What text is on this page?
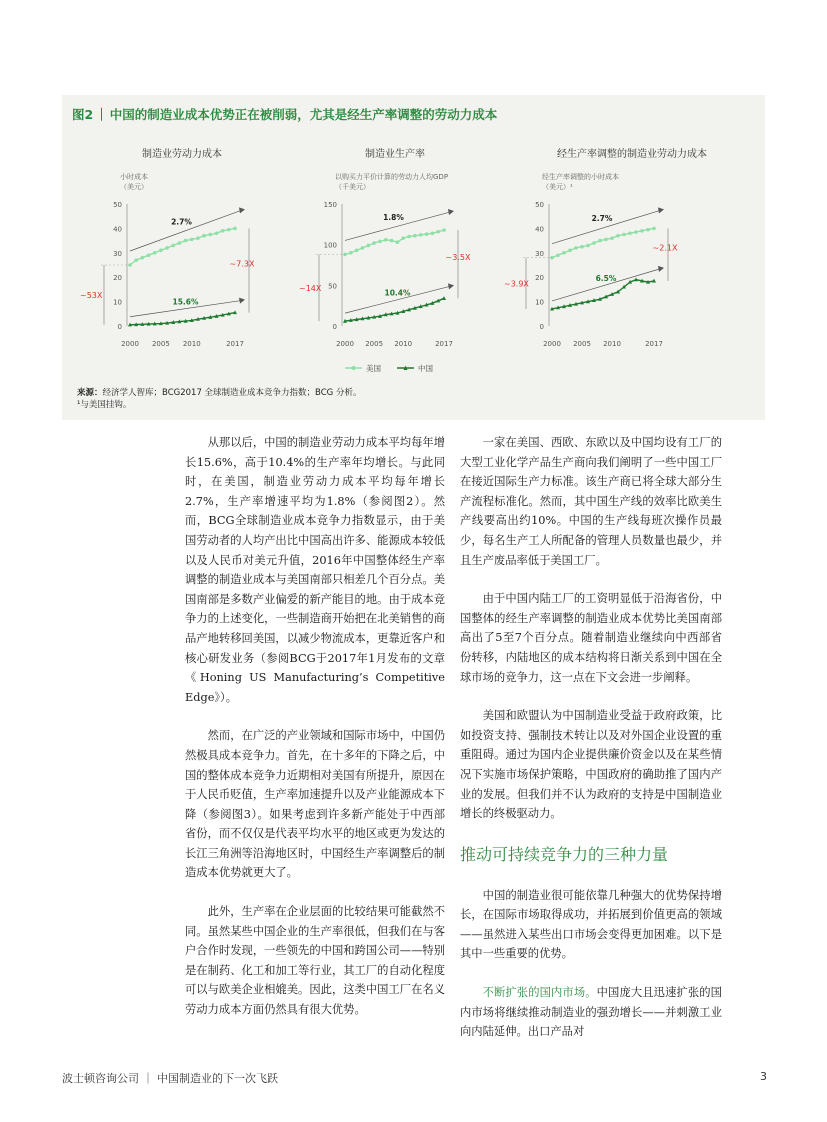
图2 ｜ 中国的制造业成本优势正在被削弱，尤其是经生产率调整的劳动力成本
制造业劳动力成本
小时成本
（美元）
0
10
20
30
40
50
2000 2005 2010	2017
2.7%
15.6%
~53X
~7.3X
制造业生产率
以购买力平价计算的劳动力人均GDP
（千美元）
0
50
100
150
2000 2005 2010	2017
1.8%
10.4%
~14X
~3.5X
经生产率调整的制造业劳动力成本
经生产率调整的小时成本
（美元）¹
0
10
20
30
40
50
2000 2005 2010	2017
2.7%
6.5%
~3.9X
~2.1X
美国	中国
来源：经济学人智库；BCG2017 全球制造业成本竞争力指数；BCG 分析。
¹与美国挂钩。

从那以后，中国的制造业劳动力成本平均每年增长15.6%，高于10.4%的生产率年均增长。与此同时，在美国，制造业劳动力成本平均每年增长2.7%，生产率增速平均为1.8%（参阅图2）。然而，BCG全球制造业成本竞争力指数显示，由于美国劳动者的人均产出比中国高出许多、能源成本较低以及人民币对美元升值，2016年中国整体经生产率调整的制造业成本与美国南部只相差几个百分点。美国南部是多数产业偏爱的新产能目的地。由于成本竞争力的上述变化，一些制造商开始把在北美销售的商品产地转移回美国，以减少物流成本，更靠近客户和核心研发业务（参阅BCG于2017年1月发布的文章《Honing US Manufacturing’s Competitive Edge》）。

然而，在广泛的产业领域和国际市场中，中国仍然极具成本竞争力。首先，在十多年的下降之后，中国的整体成本竞争力近期相对美国有所提升，原因在于人民币贬值，生产率加速提升以及产业能源成本下降（参阅图3）。如果考虑到许多新产能处于中西部省份，而不仅仅是代表平均水平的地区或更为发达的长江三角洲等沿海地区时，中国经生产率调整后的制造成本优势就更大了。

此外，生产率在企业层面的比较结果可能截然不同。虽然某些中国企业的生产率很低，但我们在与客户合作时发现，一些领先的中国和跨国公司——特别是在制药、化工和加工等行业，其工厂的自动化程度可以与欧美企业相媲美。因此，这类中国工厂在名义劳动力成本方面仍然具有很大优势。

一家在美国、西欧、东欧以及中国均设有工厂的大型工业化学产品生产商向我们阐明了一些中国工厂在接近国际生产力标准。该生产商已将全球大部分生产流程标准化。然而，其中国生产线的效率比欧美生产线要高出约10%。中国的生产线每班次操作员最少，每名生产工人所配备的管理人员数量也最少，并且生产废品率低于美国工厂。

由于中国内陆工厂的工资明显低于沿海省份，中国整体的经生产率调整的制造业成本优势比美国南部高出了5至7个百分点。随着制造业继续向中西部省份转移，内陆地区的成本结构将日渐关系到中国在全球市场的竞争力，这一点在下文会进一步阐释。

美国和欧盟认为中国制造业受益于政府政策，比如投资支持、强制技术转让以及对外国企业设置的重重阻碍。通过为国内企业提供廉价资金以及在某些情况下实施市场保护策略，中国政府的确助推了国内产业的发展。但我们并不认为政府的支持是中国制造业增长的终极驱动力。

推动可持续竞争力的三种力量

中国的制造业很可能依靠几种强大的优势保持增长，在国际市场取得成功，并拓展到价值更高的领域——虽然进入某些出口市场会变得更加困难。以下是其中一些重要的优势。

不断扩张的国内市场。中国庞大且迅速扩张的国内市场将继续推动制造业的强劲增长——并刺激工业向内陆延伸。出口产品对

波士顿咨询公司 ｜ 中国制造业的下一次飞跃	3
